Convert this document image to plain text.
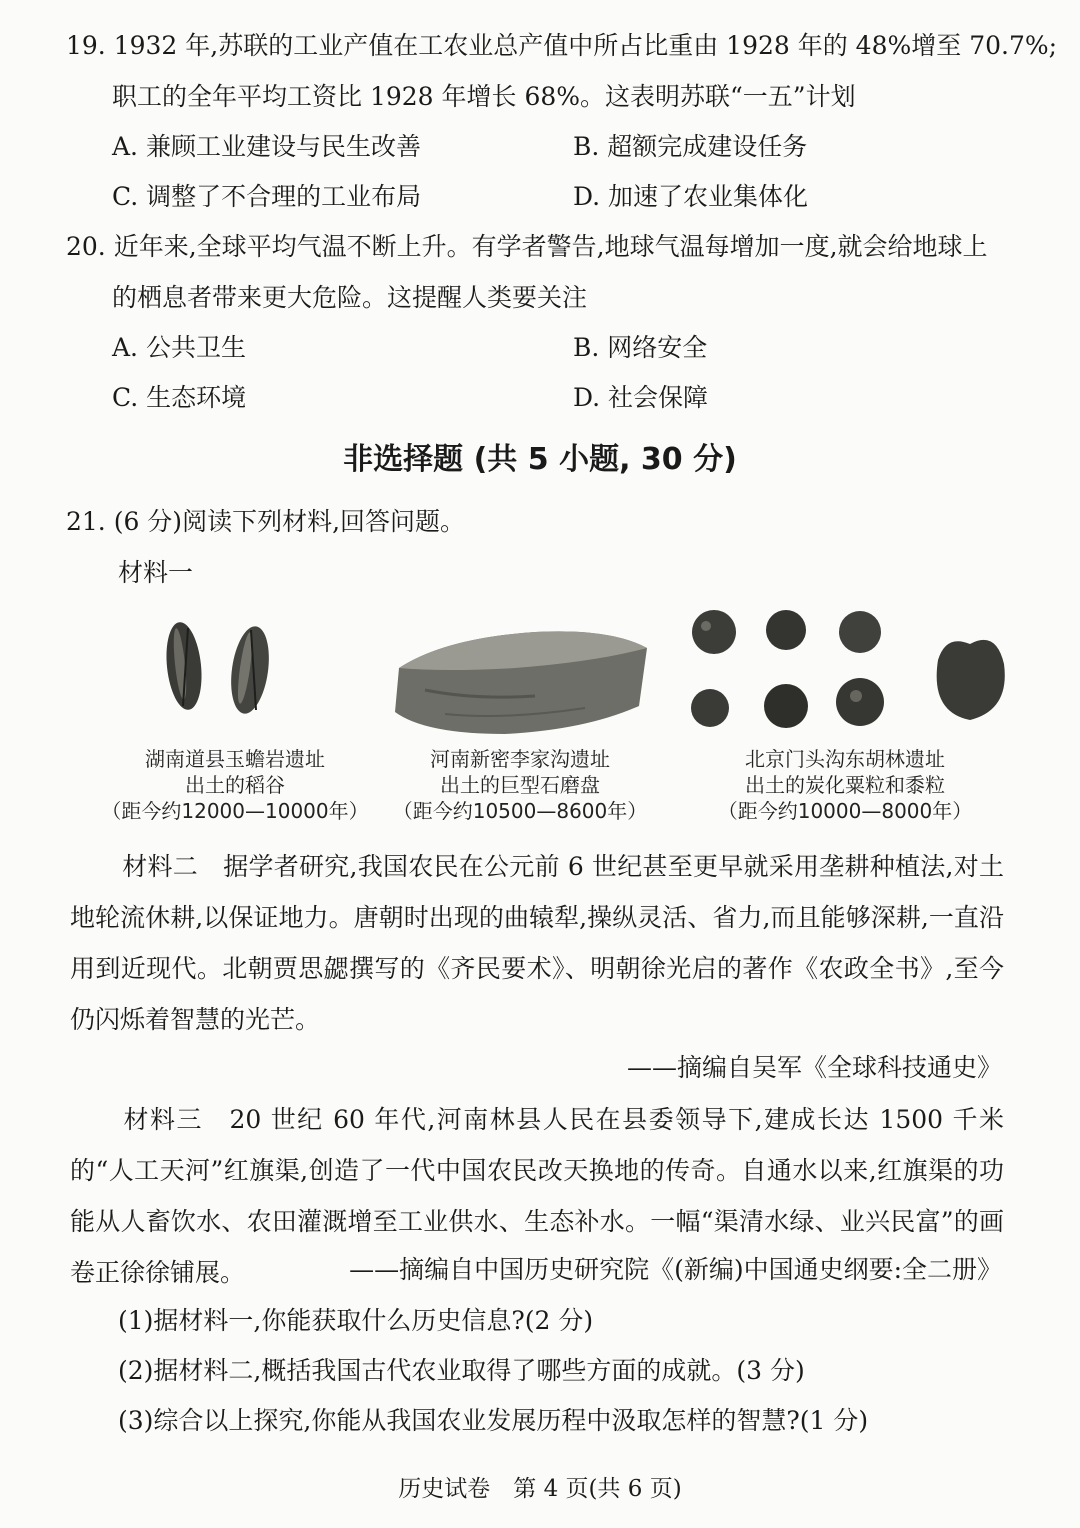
19. 1932 年,苏联的工业产值在工农业总产值中所占比重由 1928 年的 48%增至 70.7%;
职工的全年平均工资比 1928 年增长 68%。这表明苏联“一五”计划
A. 兼顾工业建设与民生改善	B. 超额完成建设任务
C. 调整了不合理的工业布局	D. 加速了农业集体化
20. 近年来,全球平均气温不断上升。有学者警告,地球气温每增加一度,就会给地球上
的栖息者带来更大危险。这提醒人类要关注
A. 公共卫生	B. 网络安全
C. 生态环境	D. 社会保障
非选择题 (共 5 小题, 30 分)
21. (6 分)阅读下列材料,回答问题。
材料一
湖南道县玉蟾岩遗址
出土的稻谷
（距今约12000—10000年）
河南新密李家沟遗址
出土的巨型石磨盘
（距今约10500—8600年）
北京门头沟东胡林遗址
出土的炭化粟粒和黍粒
（距今约10000—8000年）
材料二　 据学者研究,我国农民在公元前 6 世纪甚至更早就采用垄耕种植法,对土地轮流休耕,以保证地力。唐朝时出现的曲辕犁,操纵灵活、省力,而且能够深耕,一直沿用到近现代。北朝贾思勰撰写的《齐民要术》、明朝徐光启的著作《农政全书》,至今仍闪烁着智慧的光芒。
——摘编自吴军《全球科技通史》
材料三　 20 世纪 60 年代,河南林县人民在县委领导下,建成长达 1500 千米的“人工天河”红旗渠,创造了一代中国农民改天换地的传奇。自通水以来,红旗渠的功能从人畜饮水、农田灌溉增至工业供水、生态补水。一幅“渠清水绿、业兴民富”的画卷正徐徐铺展。	——摘编自中国历史研究院《(新编)中国通史纲要:全二册》
(1)据材料一,你能获取什么历史信息?(2 分)
(2)据材料二,概括我国古代农业取得了哪些方面的成就。(3 分)
(3)综合以上探究,你能从我国农业发展历程中汲取怎样的智慧?(1 分)
历史试卷　第 4 页(共 6 页)
